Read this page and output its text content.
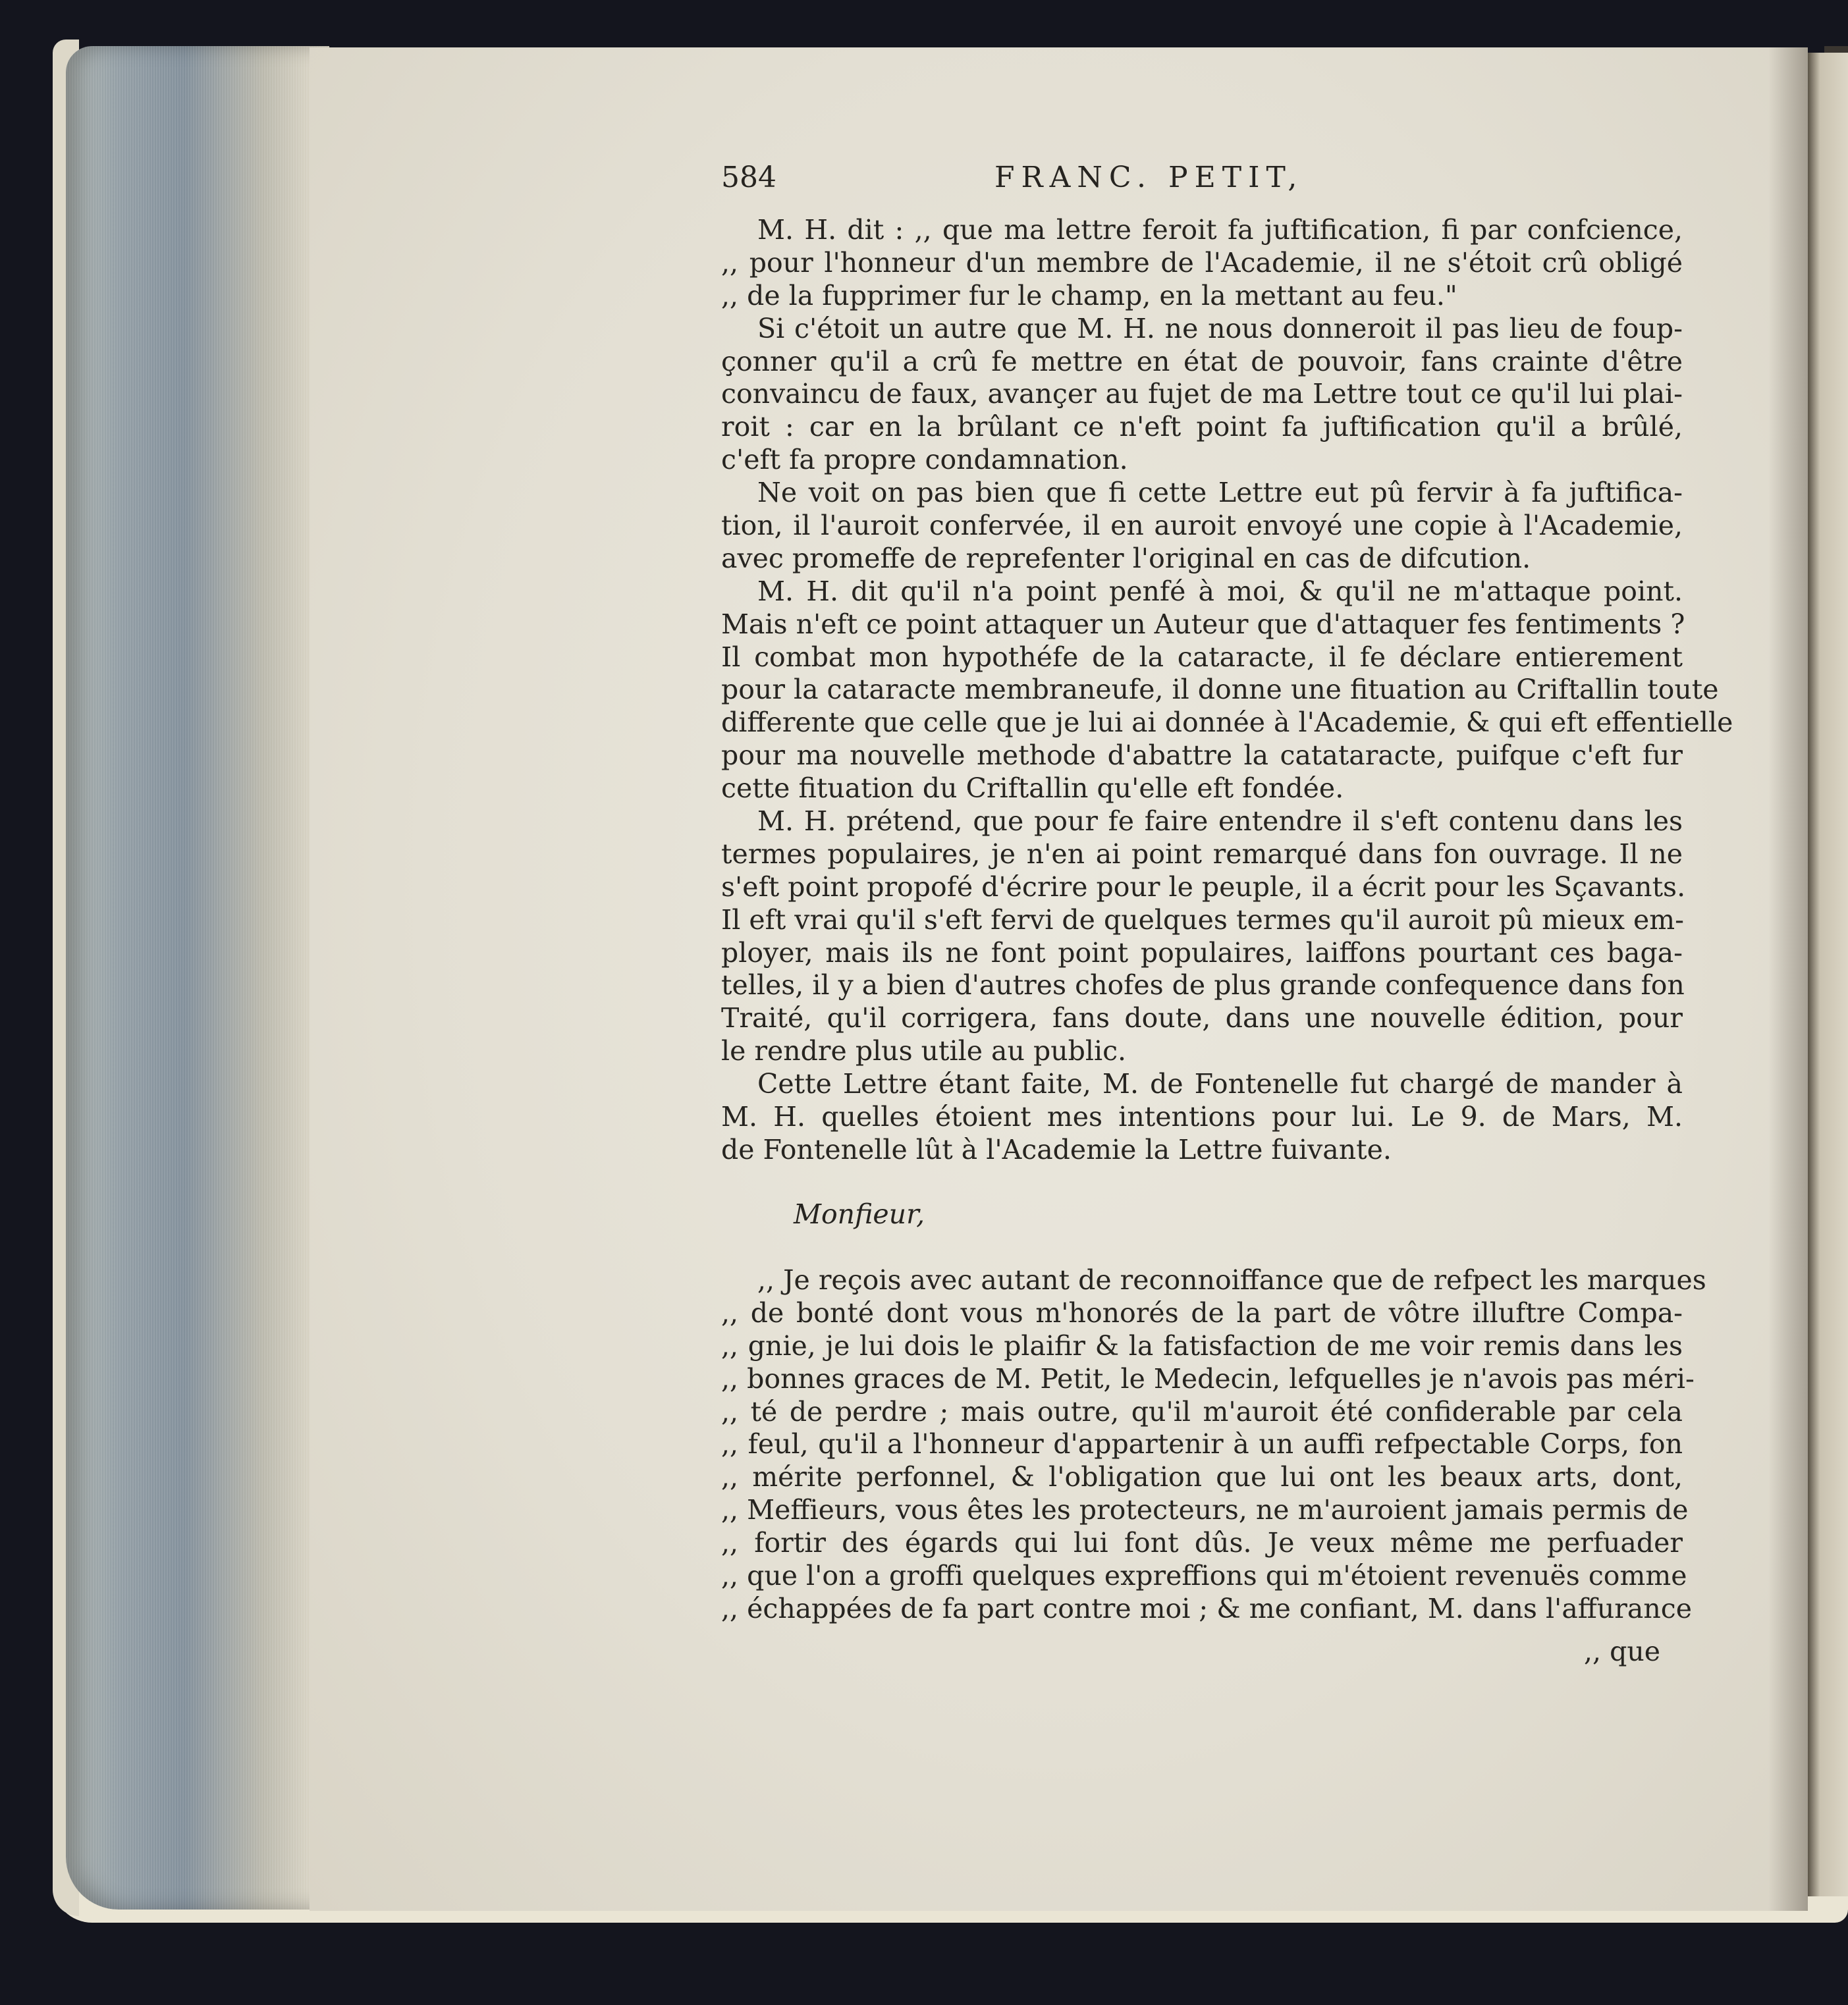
584	FRANC. PETIT,
M. H. dit : ,, que ma lettre feroit fa juftification, fi par confcience,
,, pour l'honneur d'un membre de l'Academie, il ne s'étoit crû obligé
,, de la fupprimer fur le champ, en la mettant au feu."
Si c'étoit un autre que M. H. ne nous donneroit il pas lieu de foup-
çonner qu'il a crû fe mettre en état de pouvoir, fans crainte d'être
convaincu de faux, avançer au fujet de ma Lettre tout ce qu'il lui plai-
roit : car en la brûlant ce n'eft point fa juftification qu'il a brûlé,
c'eft fa propre condamnation.
Ne voit on pas bien que fi cette Lettre eut pû fervir à fa juftifica-
tion, il l'auroit confervée, il en auroit envoyé une copie à l'Academie,
avec promeffe de reprefenter l'original en cas de difcution.
M. H. dit qu'il n'a point penfé à moi, & qu'il ne m'attaque point.
Mais n'eft ce point attaquer un Auteur que d'attaquer fes fentiments ?
Il combat mon hypothéfe de la cataracte, il fe déclare entierement
pour la cataracte membraneufe, il donne une fituation au Criftallin toute
differente que celle que je lui ai donnée à l'Academie, & qui eft effentielle
pour ma nouvelle methode d'abattre la catataracte, puifque c'eft fur
cette fituation du Criftallin qu'elle eft fondée.
M. H. prétend, que pour fe faire entendre il s'eft contenu dans les
termes populaires, je n'en ai point remarqué dans fon ouvrage. Il ne
s'eft point propofé d'écrire pour le peuple, il a écrit pour les Sçavants.
Il eft vrai qu'il s'eft fervi de quelques termes qu'il auroit pû mieux em-
ployer, mais ils ne font point populaires, laiffons pourtant ces baga-
telles, il y a bien d'autres chofes de plus grande confequence dans fon
Traité, qu'il corrigera, fans doute, dans une nouvelle édition, pour
le rendre plus utile au public.
Cette Lettre étant faite, M. de Fontenelle fut chargé de mander à
M. H. quelles étoient mes intentions pour lui. Le 9. de Mars, M.
de Fontenelle lût à l'Academie la Lettre fuivante.
Monfieur,
,, Je reçois avec autant de reconnoiffance que de refpect les marques
,, de bonté dont vous m'honorés de la part de vôtre illuftre Compa-
,, gnie, je lui dois le plaifir & la fatisfaction de me voir remis dans les
,, bonnes graces de M. Petit, le Medecin, lefquelles je n'avois pas méri-
,, té de perdre ; mais outre, qu'il m'auroit été confiderable par cela
,, feul, qu'il a l'honneur d'appartenir à un auffi refpectable Corps, fon
,, mérite perfonnel, & l'obligation que lui ont les beaux arts, dont,
,, Meffieurs, vous êtes les protecteurs, ne m'auroient jamais permis de
,, fortir des égards qui lui font dûs. Je veux même me perfuader
,, que l'on a groffi quelques expreffions qui m'étoient revenuës comme
,, échappées de fa part contre moi ; & me confiant, M. dans l'affurance
,, que
